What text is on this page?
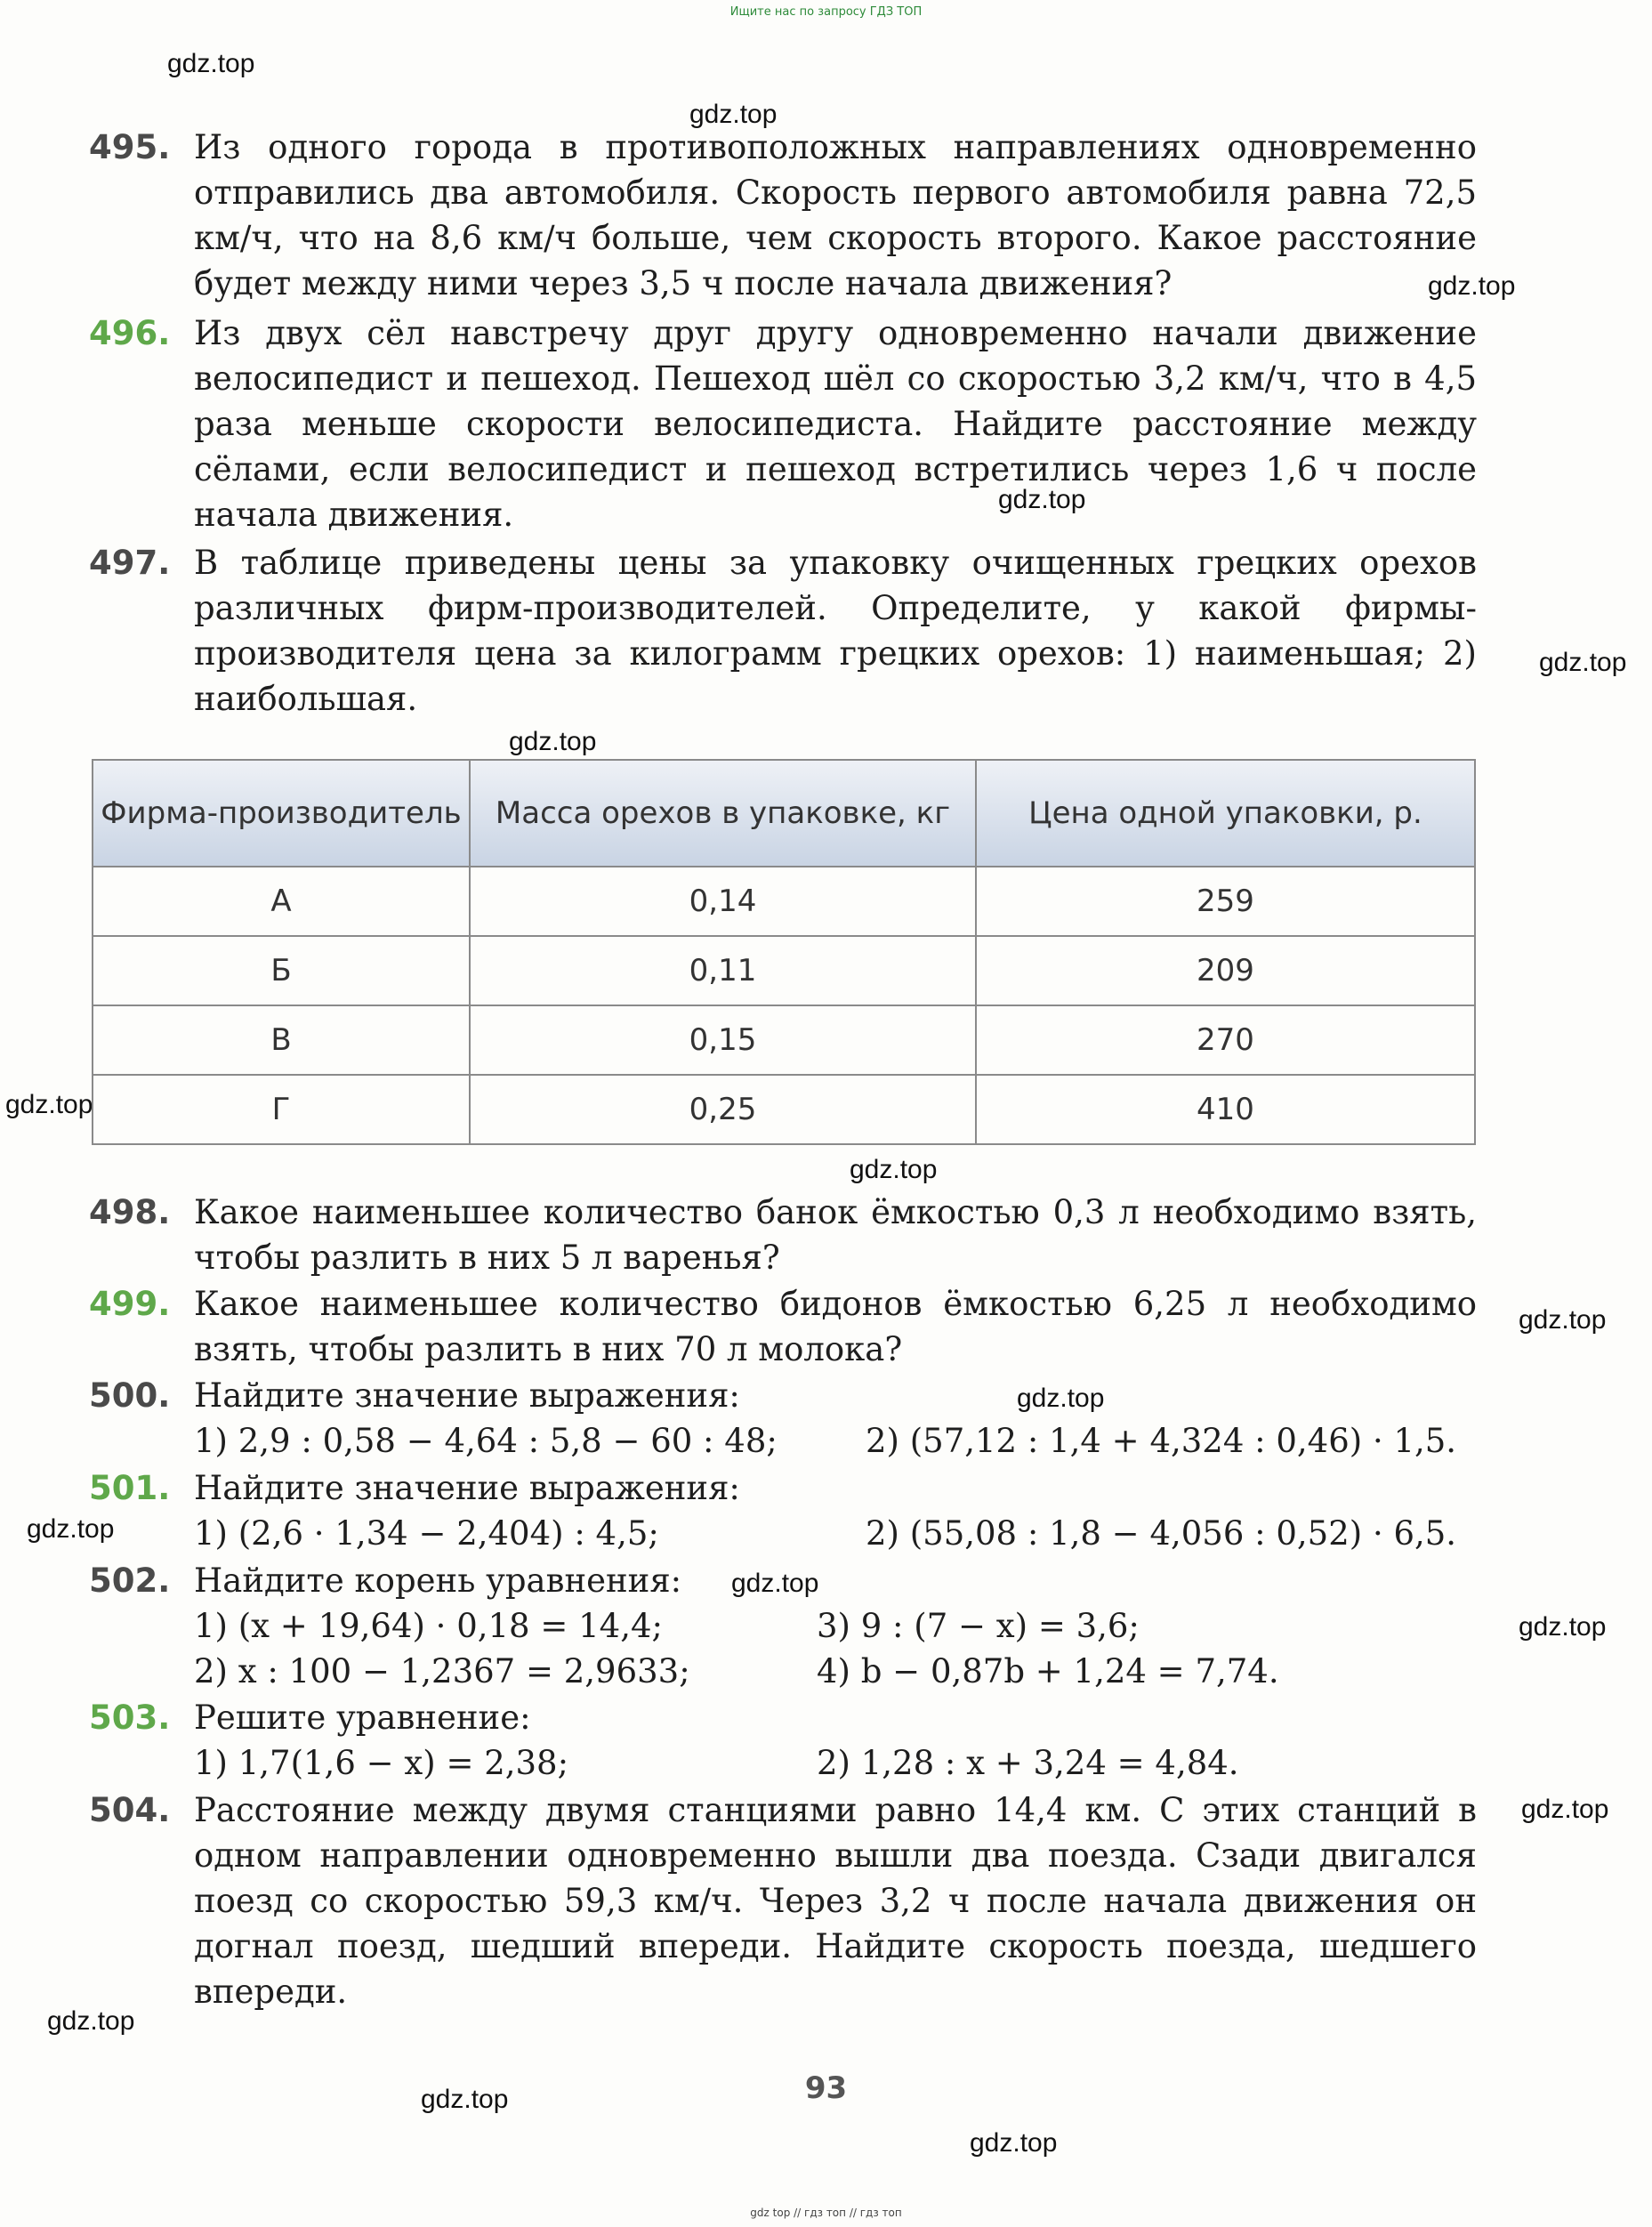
Ищите нас по запросу ГДЗ ТОП
gdz.top
gdz.top
gdz.top
gdz.top
gdz.top
gdz.top
gdz.top
gdz.top
gdz.top
gdz.top
gdz.top
gdz.top
gdz.top
gdz.top
gdz.top
gdz.top
gdz.top
495. Из одного города в противоположных направлениях одновременно отправились два автомобиля. Скорость первого автомобиля равна 72,5 км/ч, что на 8,6 км/ч больше, чем скорость второго. Какое расстояние будет между ними через 3,5 ч после начала движения?
496. Из двух сёл навстречу друг другу одновременно начали движение велосипедист и пешеход. Пешеход шёл со скоростью 3,2 км/ч, что в 4,5 раза меньше скорости велосипедиста. Найдите расстояние между сёлами, если велосипедист и пешеход встретились через 1,6 ч после начала движения.
497. В таблице приведены цены за упаковку очищенных грецких орехов различных фирм-производителей. Определите, у какой фирмы-производителя цена за килограмм грецких орехов: 1) наименьшая; 2) наибольшая.
Фирма-производитель	Масса орехов в упаковке, кг	Цена одной упаковки, р.
А	0,14	259
Б	0,11	209
В	0,15	270
Г	0,25	410
498. Какое наименьшее количество банок ёмкостью 0,3 л необходимо взять, чтобы разлить в них 5 л варенья?
499. Какое наименьшее количество бидонов ёмкостью 6,25 л необходимо взять, чтобы разлить в них 70 л молока?
500. Найдите значение выражения:
1) 2,9 : 0,58 − 4,64 : 5,8 − 60 : 48;	2) (57,12 : 1,4 + 4,324 : 0,46) · 1,5.
501. Найдите значение выражения:
1) (2,6 · 1,34 − 2,404) : 4,5;	2) (55,08 : 1,8 − 4,056 : 0,52) · 6,5.
502. Найдите корень уравнения:
1) (x + 19,64) · 0,18 = 14,4;	3) 9 : (7 − x) = 3,6;
2) x : 100 − 1,2367 = 2,9633;	4) b − 0,87b + 1,24 = 7,74.
503. Решите уравнение:
1) 1,7(1,6 − x) = 2,38;	2) 1,28 : x + 3,24 = 4,84.
504. Расстояние между двумя станциями равно 14,4 км. С этих станций в одном направлении одновременно вышли два поезда. Сзади двигался поезд со скоростью 59,3 км/ч. Через 3,2 ч после начала движения он догнал поезд, шедший впереди. Найдите скорость поезда, шедшего впереди.
93
gdz top // гдз топ // гдз топ
